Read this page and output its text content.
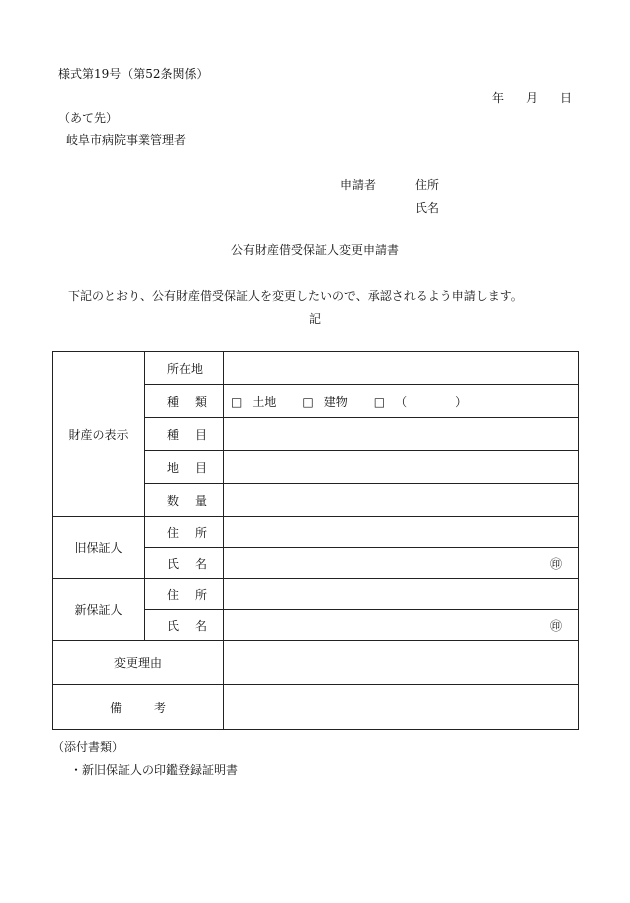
様式第19号（第52条関係）
年 月 日
（あて先）
岐阜市病院事業管理者
申請者	住所
氏名
公有財産借受保証人変更申請書
下記のとおり、公有財産借受保証人を変更したいので、承認されるよう申請します。
記
財産の表示	所在地	
	種 類	□ 土地 □ 建物 □ （ ）
	種 目	
	地 目	
	数 量	
旧保証人	住 所	
	氏 名	㊞

新保証人	住 所	
	氏 名	㊞

変更理由		
備 考		
（添付書類）
・新旧保証人の印鑑登録証明書
